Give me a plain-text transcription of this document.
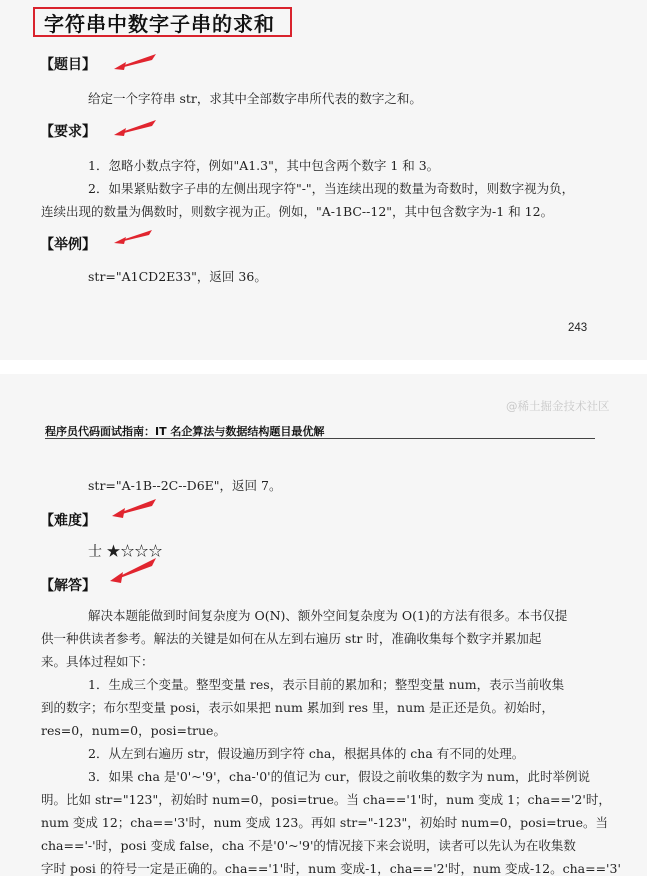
字符串中数字子串的求和
【题目】
给定一个字符串 str，求其中全部数字串所代表的数字之和。
【要求】
1．忽略小数点字符，例如"A1.3"，其中包含两个数字 1 和 3。
2．如果紧贴数字子串的左侧出现字符"-"，当连续出现的数量为奇数时，则数字视为负，
连续出现的数量为偶数时，则数字视为正。例如，"A-1BC--12"，其中包含数字为-1 和 12。
【举例】
str="A1CD2E33"，返回 36。
243
@稀土掘金技术社区
程序员代码面试指南：IT 名企算法与数据结构题目最优解
str="A-1B--2C--D6E"，返回 7。
【难度】
士 ★☆☆☆
【解答】
解决本题能做到时间复杂度为 O(N)、额外空间复杂度为 O(1)的方法有很多。本书仅提
供一种供读者参考。解法的关键是如何在从左到右遍历 str 时，准确收集每个数字并累加起
来。具体过程如下：
1．生成三个变量。整型变量 res，表示目前的累加和；整型变量 num，表示当前收集
到的数字；布尔型变量 posi，表示如果把 num 累加到 res 里，num 是正还是负。初始时，
res=0，num=0，posi=true。
2．从左到右遍历 str，假设遍历到字符 cha，根据具体的 cha 有不同的处理。
3．如果 cha 是'0'~'9'，cha-'0'的值记为 cur，假设之前收集的数字为 num，此时举例说
明。比如 str="123"，初始时 num=0，posi=true。当 cha=='1'时，num 变成 1；cha=='2'时，
num 变成 12；cha=='3'时，num 变成 123。再如 str="-123"，初始时 num=0，posi=true。当
cha=='-'时，posi 变成 false，cha 不是'0'~'9'的情况接下来会说明，读者可以先认为在收集数
字时 posi 的符号一定是正确的。cha=='1'时，num 变成-1，cha=='2'时，num 变成-12。cha=='3'
